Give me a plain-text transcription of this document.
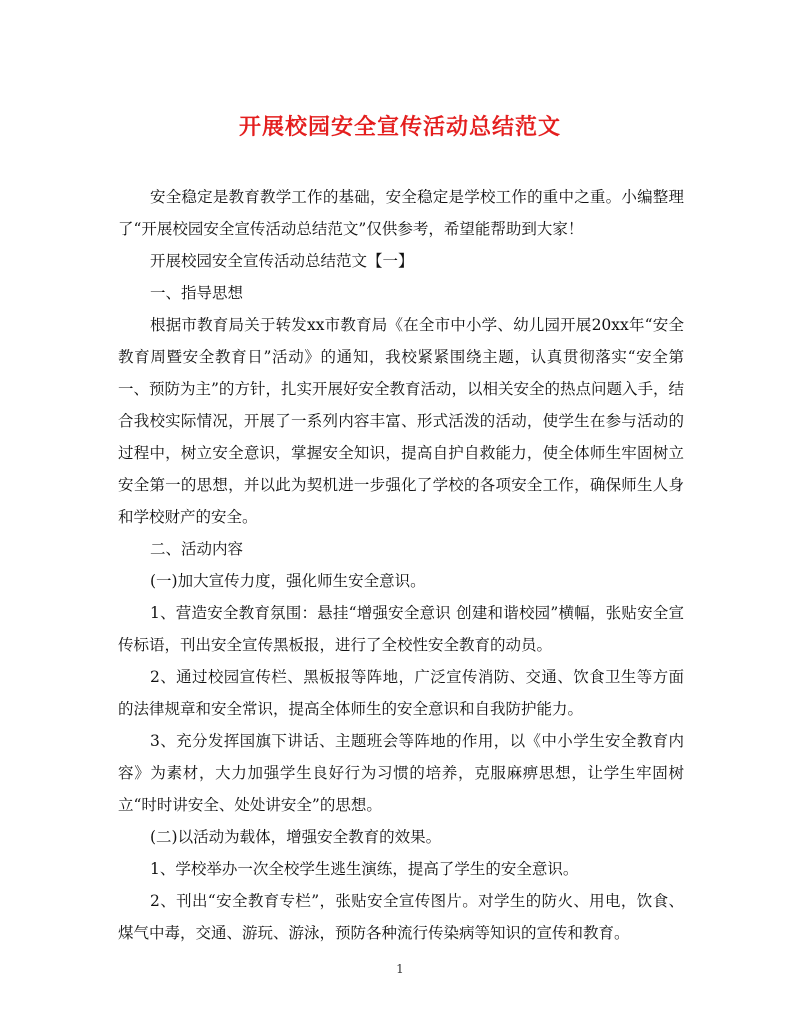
开展校园安全宣传活动总结范文

安全稳定是教育教学工作的基础，安全稳定是学校工作的重中之重。小编整理了“开展校园安全宣传活动总结范文”仅供参考，希望能帮助到大家！

开展校园安全宣传活动总结范文【一】

一、指导思想

根据市教育局关于转发xx市教育局《在全市中小学、幼儿园开展20xx年“安全教育周暨安全教育日”活动》的通知，我校紧紧围绕主题，认真贯彻落实“安全第一、预防为主”的方针，扎实开展好安全教育活动，以相关安全的热点问题入手，结合我校实际情况，开展了一系列内容丰富、形式活泼的活动，使学生在参与活动的过程中，树立安全意识，掌握安全知识，提高自护自救能力，使全体师生牢固树立安全第一的思想，并以此为契机进一步强化了学校的各项安全工作，确保师生人身和学校财产的安全。

二、活动内容

(一)加大宣传力度，强化师生安全意识。

1、营造安全教育氛围：悬挂“增强安全意识 创建和谐校园”横幅，张贴安全宣传标语，刊出安全宣传黑板报，进行了全校性安全教育的动员。

2、通过校园宣传栏、黑板报等阵地，广泛宣传消防、交通、饮食卫生等方面的法律规章和安全常识，提高全体师生的安全意识和自我防护能力。

3、充分发挥国旗下讲话、主题班会等阵地的作用，以《中小学生安全教育内容》为素材，大力加强学生良好行为习惯的培养，克服麻痹思想，让学生牢固树立“时时讲安全、处处讲安全”的思想。

(二)以活动为载体，增强安全教育的效果。

1、学校举办一次全校学生逃生演练，提高了学生的安全意识。

2、刊出“安全教育专栏”，张贴安全宣传图片。对学生的防火、用电，饮食、煤气中毒，交通、游玩、游泳，预防各种流行传染病等知识的宣传和教育。

1
